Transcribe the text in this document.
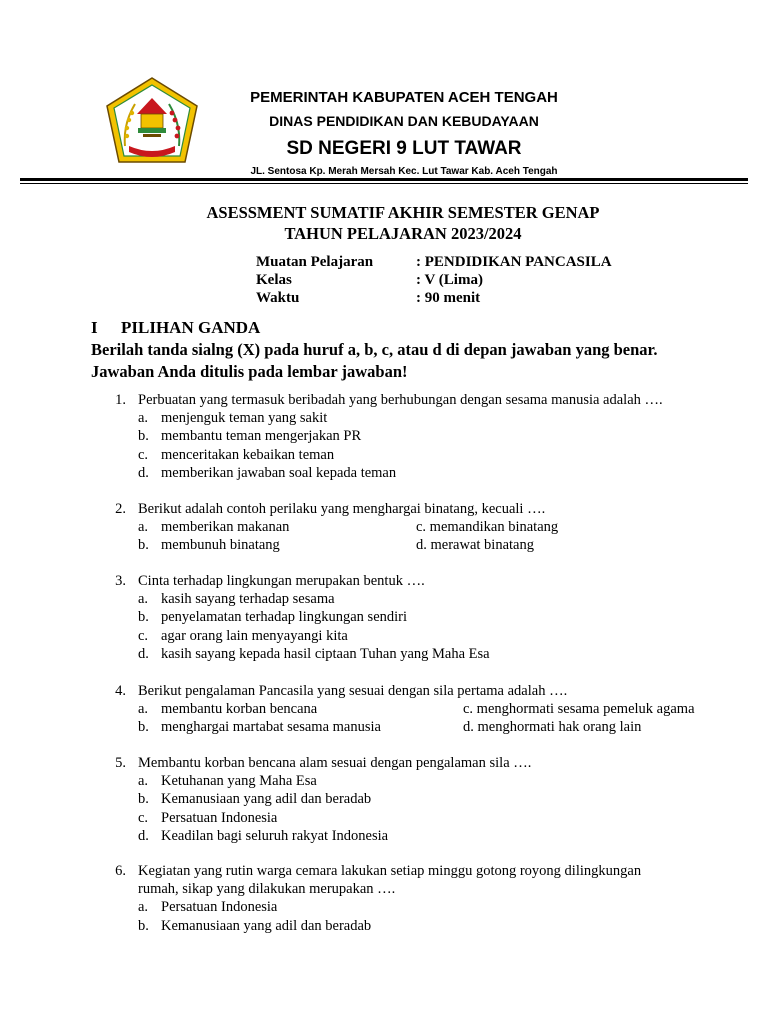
PEMERINTAH KABUPATEN ACEH TENGAH
DINAS PENDIDIKAN DAN KEBUDAYAAN
SD NEGERI 9 LUT TAWAR
JL. Sentosa Kp. Merah Mersah Kec. Lut Tawar Kab. Aceh Tengah
ASESSMENT SUMATIF AKHIR SEMESTER GENAP
TAHUN PELAJARAN 2023/2024
Muatan Pelajaran	: PENDIDIKAN PANCASILA
Kelas	: V (Lima)
Waktu	: 90 menit
I PILIHAN GANDA
Berilah tanda sialng (X) pada huruf a, b, c, atau d di depan jawaban yang benar.
Jawaban Anda ditulis pada lembar jawaban!
1. Perbuatan yang termasuk beribadah yang berhubungan dengan sesama manusia adalah ….
a. menjenguk teman yang sakit
b. membantu teman mengerjakan PR
c. menceritakan kebaikan teman
d. memberikan jawaban soal kepada teman
2. Berikut adalah contoh perilaku yang menghargai binatang, kecuali ….
a. memberikan makanan
b. membunuh binatang
c. memandikan binatang
d. merawat binatang
3. Cinta terhadap lingkungan merupakan bentuk ….
a. kasih sayang terhadap sesama
b. penyelamatan terhadap lingkungan sendiri
c. agar orang lain menyayangi kita
d. kasih sayang kepada hasil ciptaan Tuhan yang Maha Esa
4. Berikut pengalaman Pancasila yang sesuai dengan sila pertama adalah ….
a. membantu korban bencana
b. menghargai martabat sesama manusia
c. menghormati sesama pemeluk agama
d. menghormati hak orang lain
5. Membantu korban bencana alam sesuai dengan pengalaman sila ….
a. Ketuhanan yang Maha Esa
b. Kemanusiaan yang adil dan beradab
c. Persatuan Indonesia
d. Keadilan bagi seluruh rakyat Indonesia
6. Kegiatan yang rutin warga cemara lakukan setiap minggu gotong royong dilingkungan
rumah, sikap yang dilakukan merupakan ….
a. Persatuan Indonesia
b. Kemanusiaan yang adil dan beradab
